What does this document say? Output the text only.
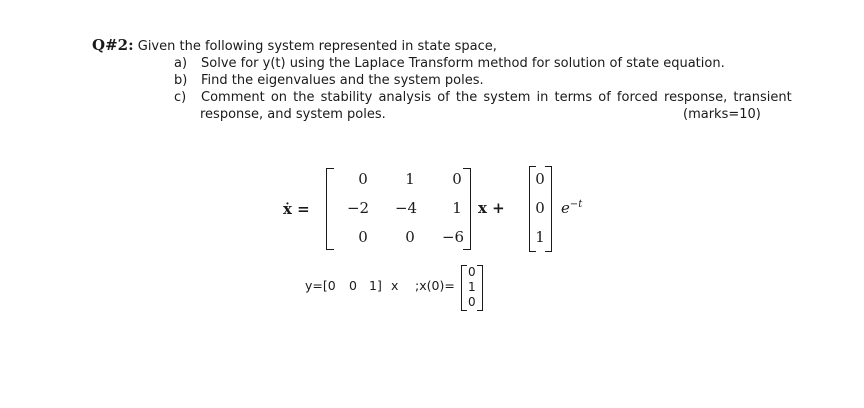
Q#2: Given the following system represented in state space,
a) Solve for y(t) using the Laplace Transform method for solution of state equation.
b) Find the eigenvalues and the system poles.
c) Comment on the stability analysis of the system in terms of forced response, transient
response, and system poles.	(marks=10)
ẋ =
0	1	0
−2	−4	1
0	0	−6
x +
0
0
1
$e^{-t}$
y=[0 0 1] x ;x(0)=
0
1
0
